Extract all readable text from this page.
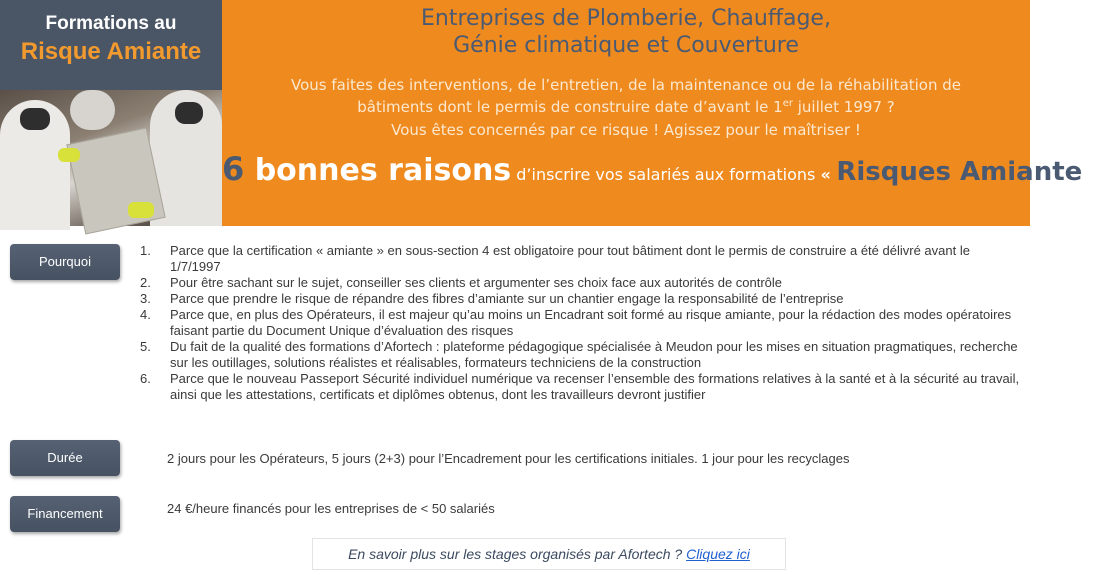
Formations au
Risque Amiante
Entreprises de Plomberie, Chauffage,
Génie climatique et Couverture
Vous faites des interventions, de l’entretien, de la maintenance ou de la réhabilitation de
bâtiments dont le permis de construire date d’avant le 1er juillet 1997 ?
Vous êtes concernés par ce risque ! Agissez pour le maîtriser !
6 bonnes raisons d’inscrire vos salariés aux formations « Risques Amiante »
Pourquoi
Durée
Financement
1. Parce que la certification « amiante » en sous-section 4 est obligatoire pour tout bâtiment dont le permis de construire a été délivré avant le 1/7/1997
2. Pour être sachant sur le sujet, conseiller ses clients et argumenter ses choix face aux autorités de contrôle
3. Parce que prendre le risque de répandre des fibres d’amiante sur un chantier engage la responsabilité de l’entreprise
4. Parce que, en plus des Opérateurs, il est majeur qu’au moins un Encadrant soit formé au risque amiante, pour la rédaction des modes opératoires faisant partie du Document Unique d’évaluation des risques
5. Du fait de la qualité des formations d’Afortech : plateforme pédagogique spécialisée à Meudon pour les mises en situation pragmatiques, recherche sur les outillages, solutions réalistes et réalisables, formateurs techniciens de la construction
6. Parce que le nouveau Passeport Sécurité individuel numérique va recenser l’ensemble des formations relatives à la santé et à la sécurité au travail, ainsi que les attestations, certificats et diplômes obtenus, dont les travailleurs devront justifier
2 jours pour les Opérateurs, 5 jours (2+3) pour l’Encadrement pour les certifications initiales. 1 jour pour les recyclages
24 €/heure financés pour les entreprises de < 50 salariés
En savoir plus sur les stages organisés par Afortech ? Cliquez ici
